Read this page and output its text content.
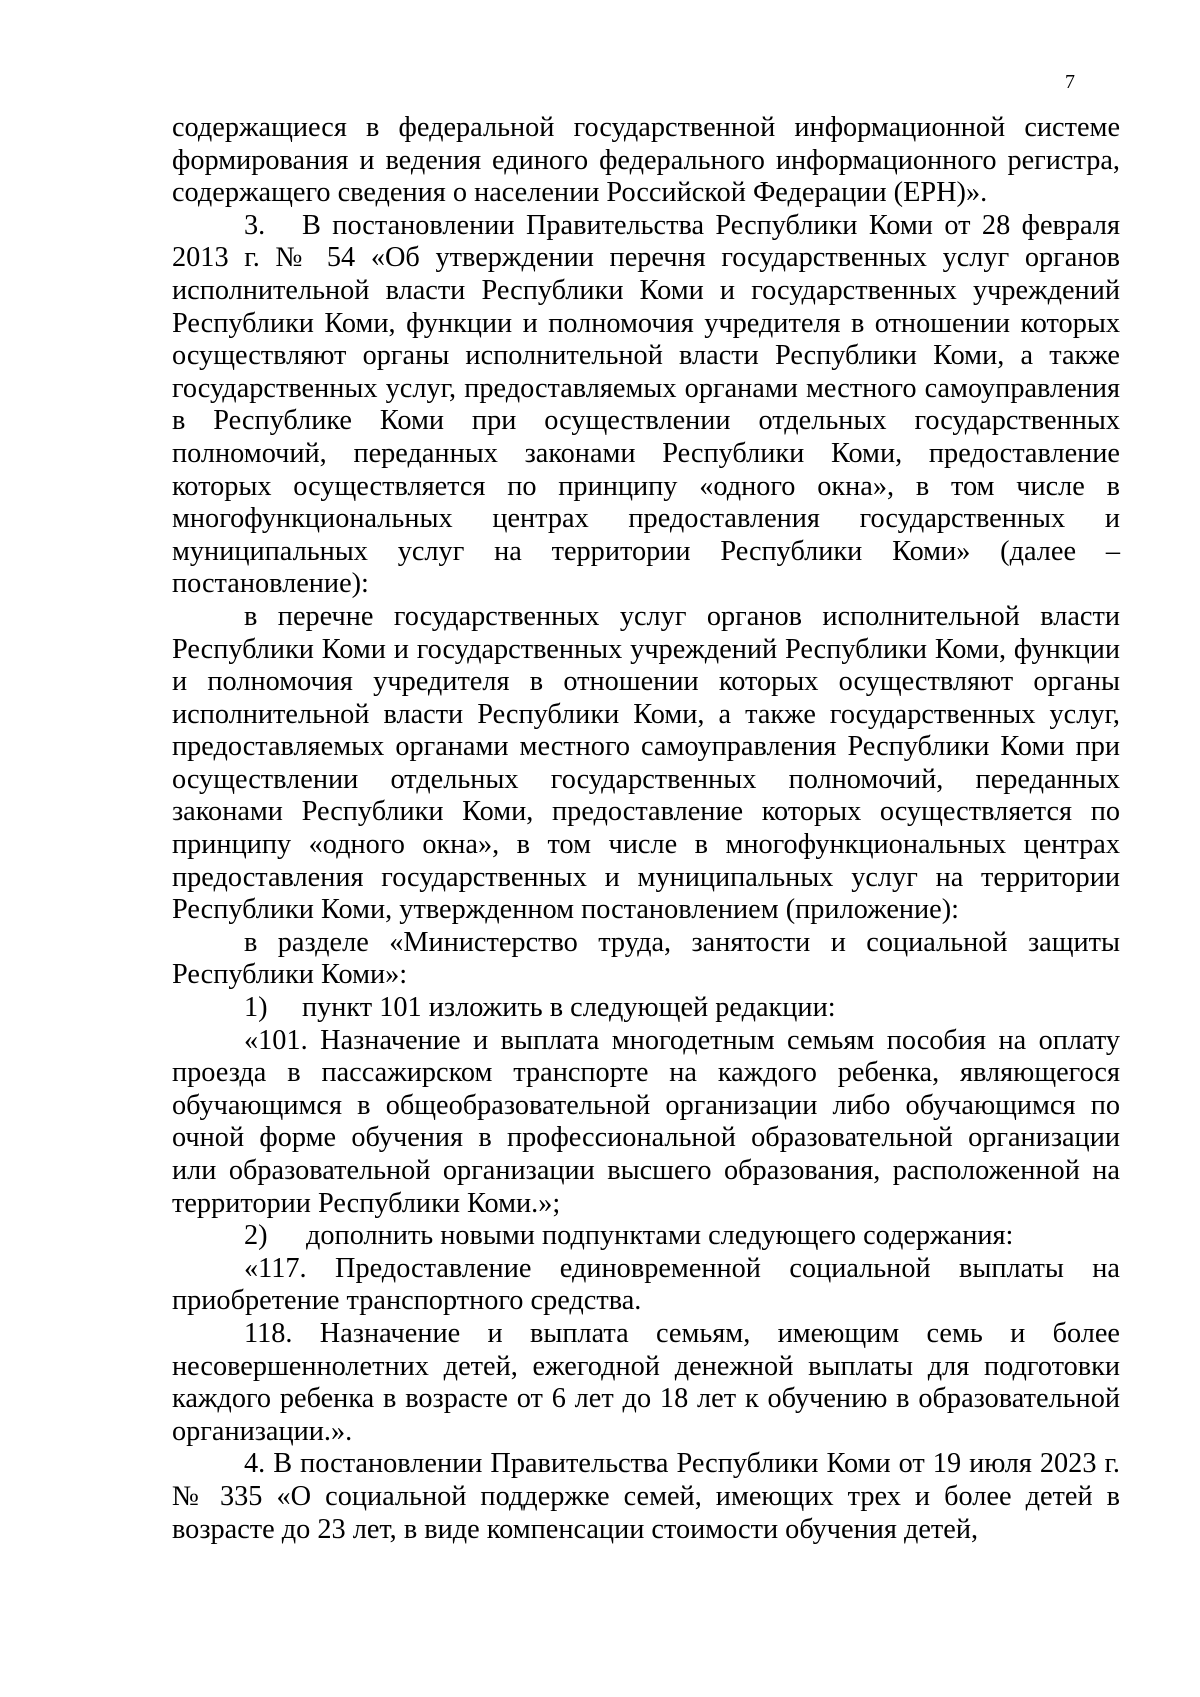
7

содержащиеся в федеральной государственной информационной системе формирования и ведения единого федерального информационного регистра, содержащего сведения о населении Российской Федерации (ЕРН)».

3. В постановлении Правительства Республики Коми от 28 февраля 2013 г. № 54 «Об утверждении перечня государственных услуг органов исполнительной власти Республики Коми и государственных учреждений Республики Коми, функции и полномочия учредителя в отношении которых осуществляют органы исполнительной власти Республики Коми, а также государственных услуг, предоставляемых органами местного самоуправления в Республике Коми при осуществлении отдельных государственных полномочий, переданных законами Республики Коми, предоставление которых осуществляется по принципу «одного окна», в том числе в многофункциональных центрах предоставления государственных и муниципальных услуг на территории Республики Коми» (далее – постановление):

в перечне государственных услуг органов исполнительной власти Республики Коми и государственных учреждений Республики Коми, функции и полномочия учредителя в отношении которых осуществляют органы исполнительной власти Республики Коми, а также государственных услуг, предоставляемых органами местного самоуправления Республики Коми при осуществлении отдельных государственных полномочий, переданных законами Республики Коми, предоставление которых осуществляется по принципу «одного окна», в том числе в многофункциональных центрах предоставления государственных и муниципальных услуг на территории Республики Коми, утвержденном постановлением (приложение):

в разделе «Министерство труда, занятости и социальной защиты Республики Коми»:

1) пункт 101 изложить в следующей редакции:

«101. Назначение и выплата многодетным семьям пособия на оплату проезда в пассажирском транспорте на каждого ребенка, являющегося обучающимся в общеобразовательной организации либо обучающимся по очной форме обучения в профессиональной образовательной организации или образовательной организации высшего образования, расположенной на территории Республики Коми.»;

2) дополнить новыми подпунктами следующего содержания:

«117. Предоставление единовременной социальной выплаты на приобретение транспортного средства.

118. Назначение и выплата семьям, имеющим семь и более несовершеннолетних детей, ежегодной денежной выплаты для подготовки каждого ребенка в возрасте от 6 лет до 18 лет к обучению в образовательной организации.».

4. В постановлении Правительства Республики Коми от 19 июля 2023 г. № 335 «О социальной поддержке семей, имеющих трех и более детей в возрасте до 23 лет, в виде компенсации стоимости обучения детей,
